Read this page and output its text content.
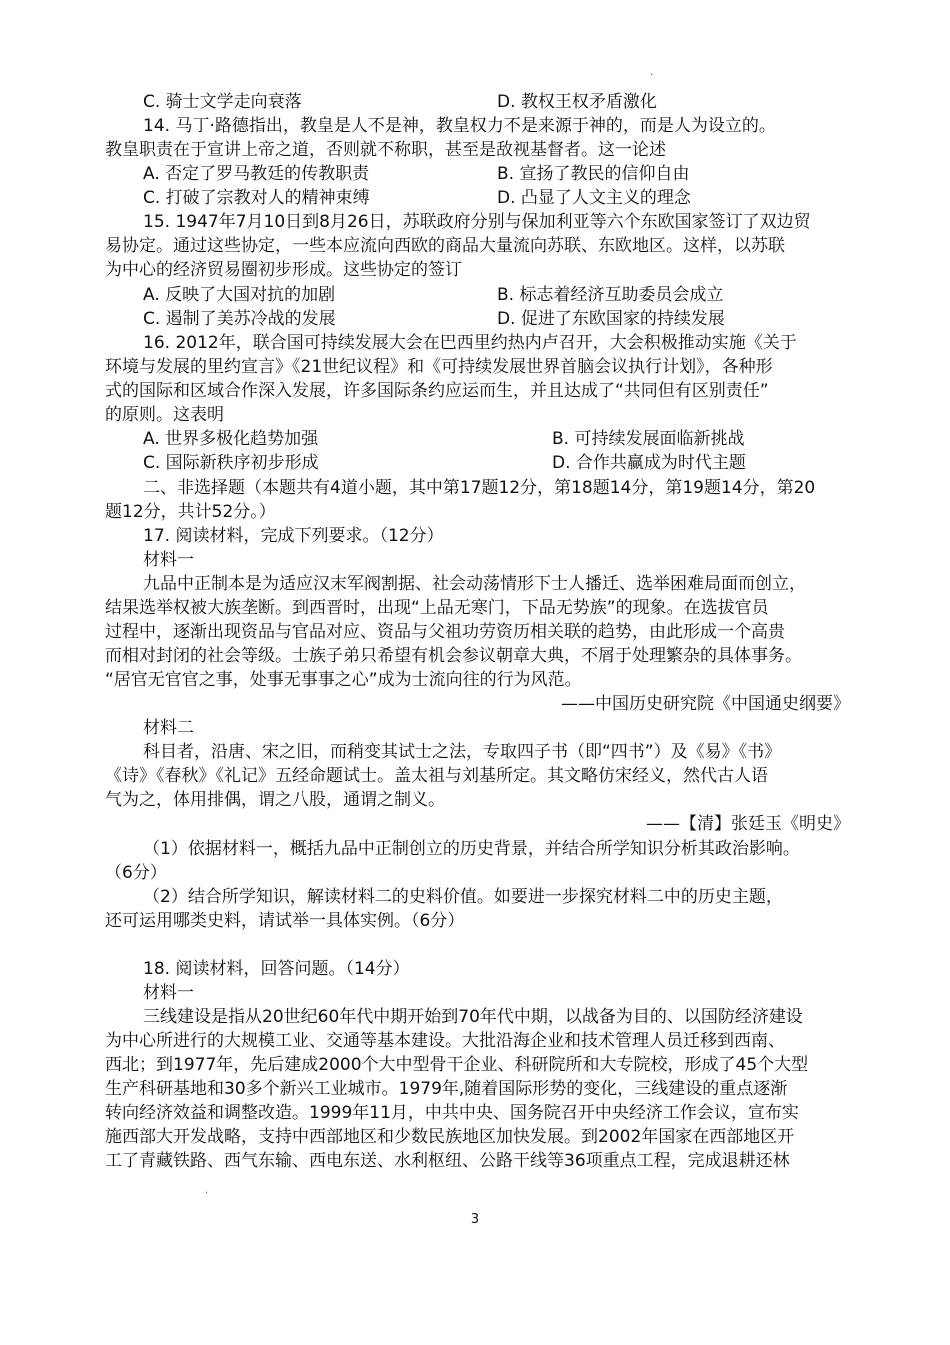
·
C. 骑士文学走向衰落	D. 教权王权矛盾激化
14. 马丁·路德指出，教皇是人不是神，教皇权力不是来源于神的，而是人为设立的。
教皇职责在于宣讲上帝之道，否则就不称职，甚至是敌视基督者。这一论述
A. 否定了罗马教廷的传教职责	B. 宣扬了教民的信仰自由
C. 打破了宗教对人的精神束缚	D. 凸显了人文主义的理念
15. 1947年7月10日到8月26日，苏联政府分别与保加利亚等六个东欧国家签订了双边贸
易协定。通过这些协定，一些本应流向西欧的商品大量流向苏联、东欧地区。这样，以苏联
为中心的经济贸易圈初步形成。这些协定的签订
A. 反映了大国对抗的加剧	B. 标志着经济互助委员会成立
C. 遏制了美苏冷战的发展	D. 促进了东欧国家的持续发展
16. 2012年，联合国可持续发展大会在巴西里约热内卢召开，大会积极推动实施《关于
环境与发展的里约宣言》《21世纪议程》和《可持续发展世界首脑会议执行计划》，各种形
式的国际和区域合作深入发展，许多国际条约应运而生，并且达成了“共同但有区别责任”
的原则。这表明
A. 世界多极化趋势加强	B. 可持续发展面临新挑战
C. 国际新秩序初步形成	D. 合作共赢成为时代主题
二、非选择题（本题共有4道小题，其中第17题12分，第18题14分，第19题14分，第20
题12分，共计52分。）
17. 阅读材料，完成下列要求。（12分）
材料一
九品中正制本是为适应汉末军阀割据、社会动荡情形下士人播迁、选举困难局面而创立，
结果选举权被大族垄断。到西晋时，出现“上品无寒门，下品无势族”的现象。在选拔官员
过程中，逐渐出现资品与官品对应、资品与父祖功劳资历相关联的趋势，由此形成一个高贵
而相对封闭的社会等级。士族子弟只希望有机会参议朝章大典，不屑于处理繁杂的具体事务。
“居官无官官之事，处事无事事之心”成为士流向往的行为风范。
——中国历史研究院《中国通史纲要》
材料二
科目者，沿唐、宋之旧，而稍变其试士之法，专取四子书（即“四书”）及《易》《书》
《诗》《春秋》《礼记》五经命题试士。盖太祖与刘基所定。其文略仿宋经义，然代古人语
气为之，体用排偶，谓之八股，通谓之制义。
——【清】张廷玉《明史》
（1）依据材料一，概括九品中正制创立的历史背景，并结合所学知识分析其政治影响。
（6分）
（2）结合所学知识，解读材料二的史料价值。如要进一步探究材料二中的历史主题，
还可运用哪类史料，请试举一具体实例。（6分）
18. 阅读材料，回答问题。（14分）
材料一
三线建设是指从20世纪60年代中期开始到70年代中期，以战备为目的、以国防经济建设
为中心所进行的大规模工业、交通等基本建设。大批沿海企业和技术管理人员迁移到西南、
西北；到1977年，先后建成2000个大中型骨干企业、科研院所和大专院校，形成了45个大型
生产科研基地和30多个新兴工业城市。1979年,随着国际形势的变化，三线建设的重点逐渐
转向经济效益和调整改造。1999年11月，中共中央、国务院召开中央经济工作会议，宣布实
施西部大开发战略，支持中西部地区和少数民族地区加快发展。到2002年国家在西部地区开
工了青藏铁路、西气东输、西电东送、水利枢纽、公路干线等36项重点工程，完成退耕还林
·
3
